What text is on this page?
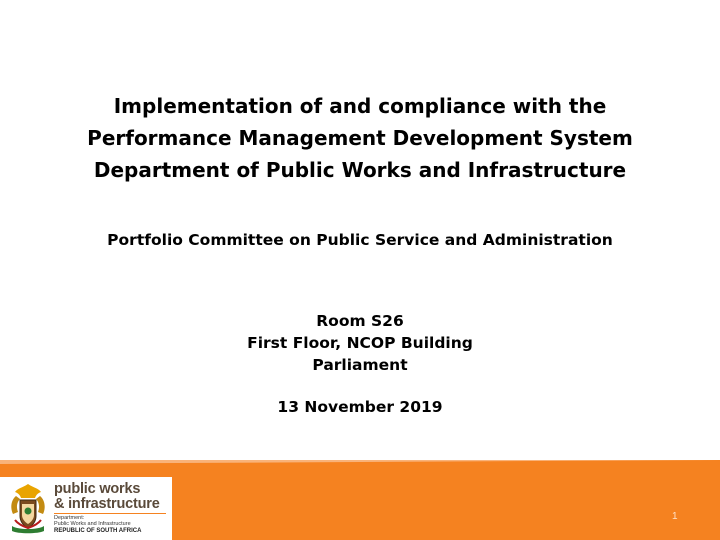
Implementation of and compliance with the
Performance Management Development System
Department of Public Works and Infrastructure
Portfolio Committee on Public Service and Administration
Room S26
First Floor, NCOP Building
Parliament
13 November 2019
public works
& infrastructure
Department:
Public Works and Infrastructure
REPUBLIC OF SOUTH AFRICA
1
